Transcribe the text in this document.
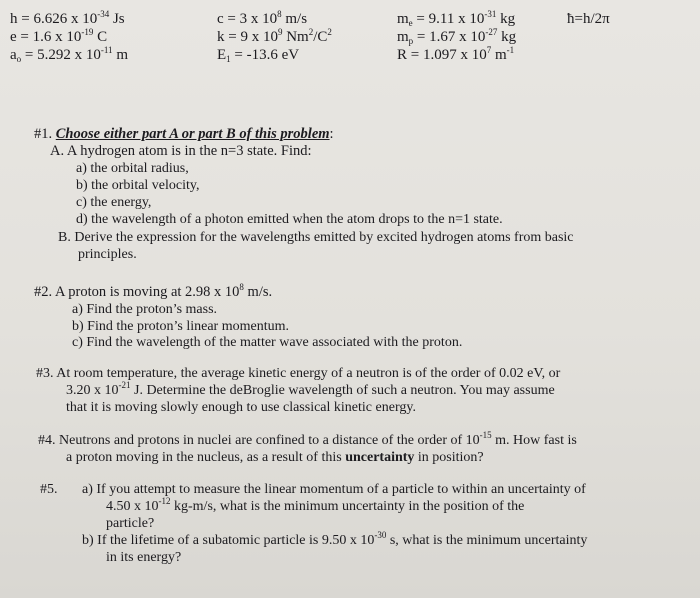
h = 6.626 x $10^{-34}$ Js
e = 1.6 x $10^{-19}$ C
$a_o = 5.292$ x $10^{-11}$ m
c = 3 x $10^8$ m/s
k = 9 x $10^9$ $Nm^2/C^2$
$E_1 = -13.6$ eV
$m_e = 9.11$ x $10^{-31}$ kg
$m_p = 1.67$ x $10^{-27}$ kg
R = 1.097 x $10^7$ $m^{-1}$
ħ=h/2π
#1. Choose either part A or part B of this problem:
A. A hydrogen atom is in the n=3 state. Find:
a) the orbital radius,
b) the orbital velocity,
c) the energy,
d) the wavelength of a photon emitted when the atom drops to the n=1 state.
B. Derive the expression for the wavelengths emitted by excited hydrogen atoms from basic
principles.
#2. A proton is moving at 2.98 x $10^8$ m/s.
a) Find the proton’s mass.
b) Find the proton’s linear momentum.
c) Find the wavelength of the matter wave associated with the proton.
#3. At room temperature, the average kinetic energy of a neutron is of the order of 0.02 eV, or
3.20 x $10^{-21}$ J. Determine the deBroglie wavelength of such a neutron. You may assume
that it is moving slowly enough to use classical kinetic energy.
#4. Neutrons and protons in nuclei are confined to a distance of the order of $10^{-15}$ m. How fast is
a proton moving in the nucleus, as a result of this uncertainty in position?
#5. a) If you attempt to measure the linear momentum of a particle to within an uncertainty of
4.50 x $10^{-12}$ kg-m/s, what is the minimum uncertainty in the position of the
particle?
b) If the lifetime of a subatomic particle is 9.50 x $10^{-30}$ s, what is the minimum uncertainty
in its energy?
